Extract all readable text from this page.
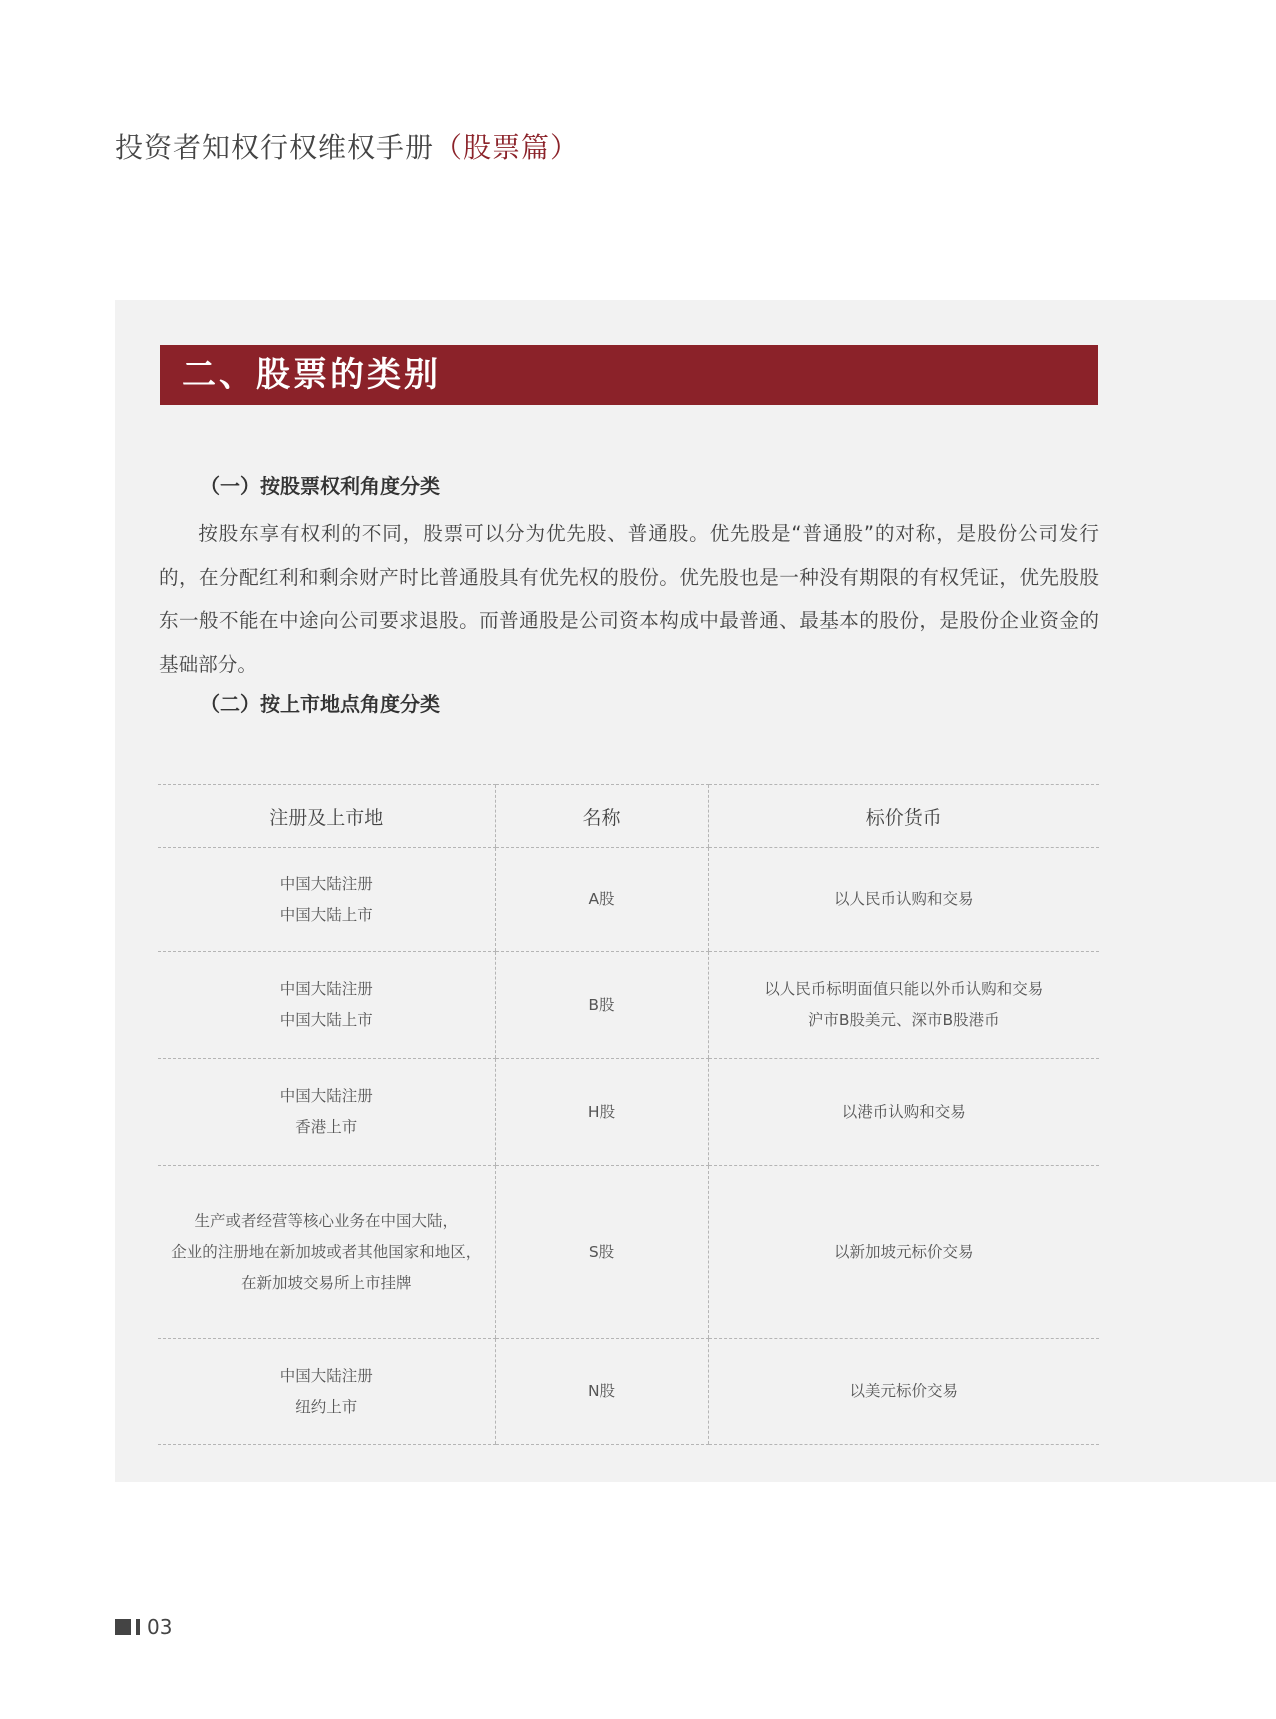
投资者知权行权维权手册（股票篇）
二、股票的类别
（一）按股票权利角度分类

按股东享有权利的不同，股票可以分为优先股、普通股。优先股是“普通股”的对称，是股份公司发行的，在分配红利和剩余财产时比普通股具有优先权的股份。优先股也是一种没有期限的有权凭证，优先股股东一般不能在中途向公司要求退股。而普通股是公司资本构成中最普通、最基本的股份，是股份企业资金的基础部分。

（二）按上市地点角度分类
注册及上市地	名称	标价货币

中国大陆注册
中国大陆上市	A股	以人民币认购和交易

中国大陆注册
中国大陆上市	B股	以人民币标明面值只能以外币认购和交易
沪市B股美元、深市B股港币

中国大陆注册
香港上市	H股	以港币认购和交易

生产或者经营等核心业务在中国大陆，
企业的注册地在新加坡或者其他国家和地区，
在新加坡交易所上市挂牌	S股	以新加坡元标价交易

中国大陆注册
纽约上市	N股	以美元标价交易
03
